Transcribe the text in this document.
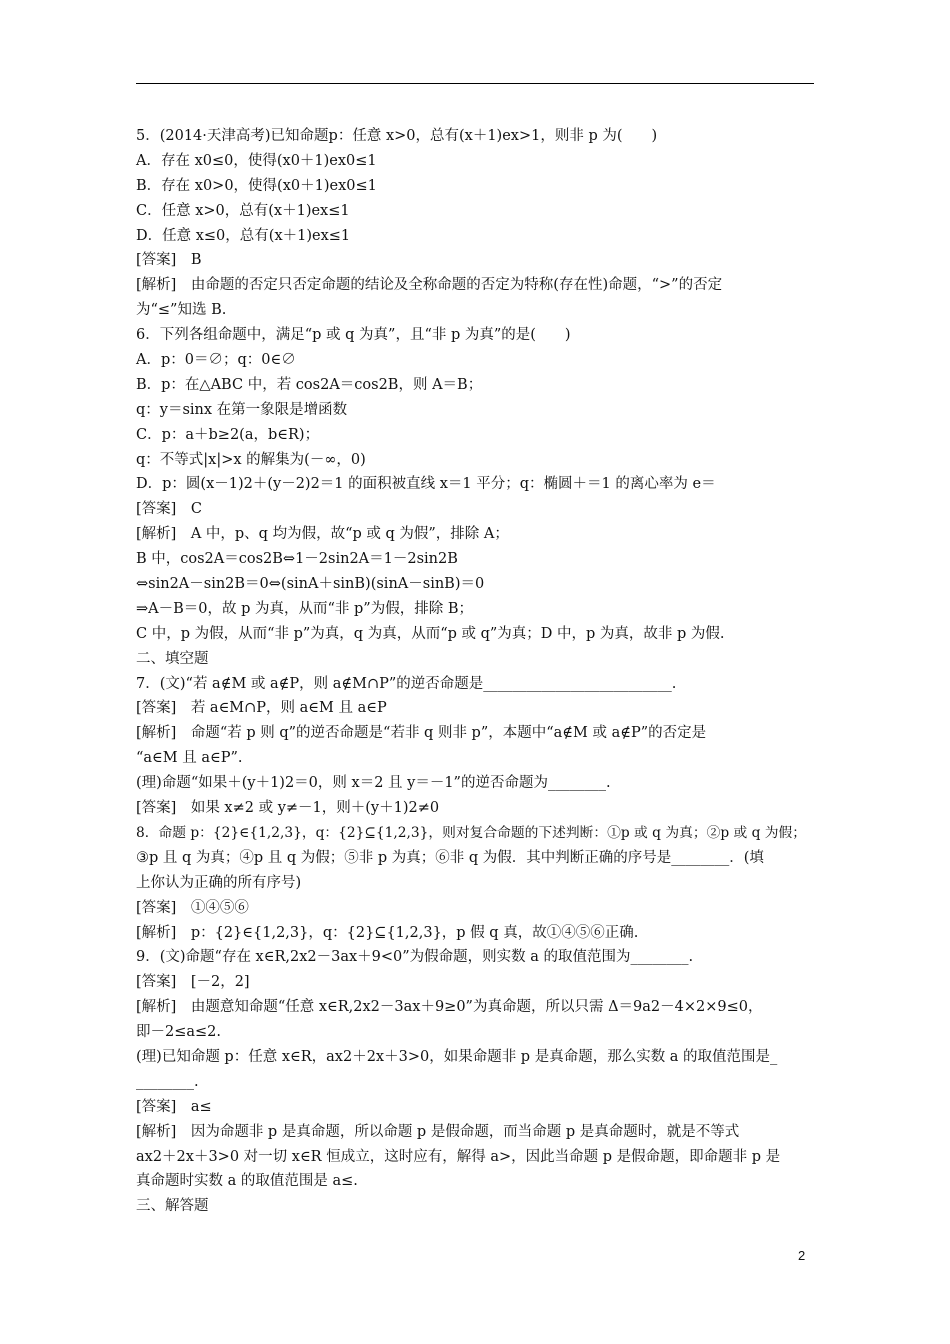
5．(2014·天津高考)已知命题p：任意 x>0，总有(x＋1)ex>1，则非 p 为(　　)
A．存在 x0≤0，使得(x0＋1)ex0≤1
B．存在 x0>0，使得(x0＋1)ex0≤1
C．任意 x>0，总有(x＋1)ex≤1
D．任意 x≤0，总有(x＋1)ex≤1
[答案]　B
[解析]　由命题的否定只否定命题的结论及全称命题的否定为特称(存在性)命题，“>”的否定
为“≤”知选 B.
6．下列各组命题中，满足“p 或 q 为真”，且“非 p 为真”的是(　　)
A．p：0＝∅；q：0∈∅
B．p：在△ABC 中，若 cos2A＝cos2B，则 A＝B；
q：y＝sinx 在第一象限是增函数
C．p：a＋b≥2(a，b∈R)；
q：不等式|x|>x 的解集为(－∞，0)
D．p：圆(x－1)2＋(y－2)2＝1 的面积被直线 x＝1 平分；q：椭圆＋＝1 的离心率为 e＝
[答案]　C
[解析]　A 中，p、q 均为假，故“p 或 q 为假”，排除 A；
B 中，cos2A＝cos2B⇔1－2sin2A＝1－2sin2B
⇔sin2A－sin2B＝0⇔(sinA＋sinB)(sinA－sinB)＝0
⇒A－B＝0，故 p 为真，从而“非 p”为假，排除 B；
C 中，p 为假，从而“非 p”为真，q 为真，从而“p 或 q”为真；D 中，p 为真，故非 p 为假.
二、填空题
7．(文)“若 a∉M 或 a∉P，则 a∉M∩P”的逆否命题是__________________________.
[答案]　若 a∈M∩P，则 a∈M 且 a∈P
[解析]　命题“若 p 则 q”的逆否命题是“若非 q 则非 p”，本题中“a∉M 或 a∉P”的否定是
“a∈M 且 a∈P”.
(理)命题“如果＋(y＋1)2＝0，则 x＝2 且 y＝－1”的逆否命题为________.
[答案]　如果 x≠2 或 y≠－1，则＋(y＋1)2≠0
8．命题 p：{2}∈{1,2,3}，q：{2}⊆{1,2,3}，则对复合命题的下述判断：①p 或 q 为真；②p 或 q 为假；
③p 且 q 为真；④p 且 q 为假；⑤非 p 为真；⑥非 q 为假．其中判断正确的序号是________．(填
上你认为正确的所有序号)
[答案]　①④⑤⑥
[解析]　p：{2}∈{1,2,3}，q：{2}⊆{1,2,3}，p 假 q 真，故①④⑤⑥正确.
9．(文)命题“存在 x∈R,2x2－3ax＋9<0”为假命题，则实数 a 的取值范围为________.
[答案]　[－2，2]
[解析]　由题意知命题“任意 x∈R,2x2－3ax＋9≥0”为真命题，所以只需 Δ＝9a2－4×2×9≤0，
即－2≤a≤2.
(理)已知命题 p：任意 x∈R，ax2＋2x＋3>0，如果命题非 p 是真命题，那么实数 a 的取值范围是_
________.
[答案]　a≤
[解析]　因为命题非 p 是真命题，所以命题 p 是假命题，而当命题 p 是真命题时，就是不等式
ax2＋2x＋3>0 对一切 x∈R 恒成立，这时应有，解得 a>，因此当命题 p 是假命题，即命题非 p 是
真命题时实数 a 的取值范围是 a≤.
三、解答题
2
